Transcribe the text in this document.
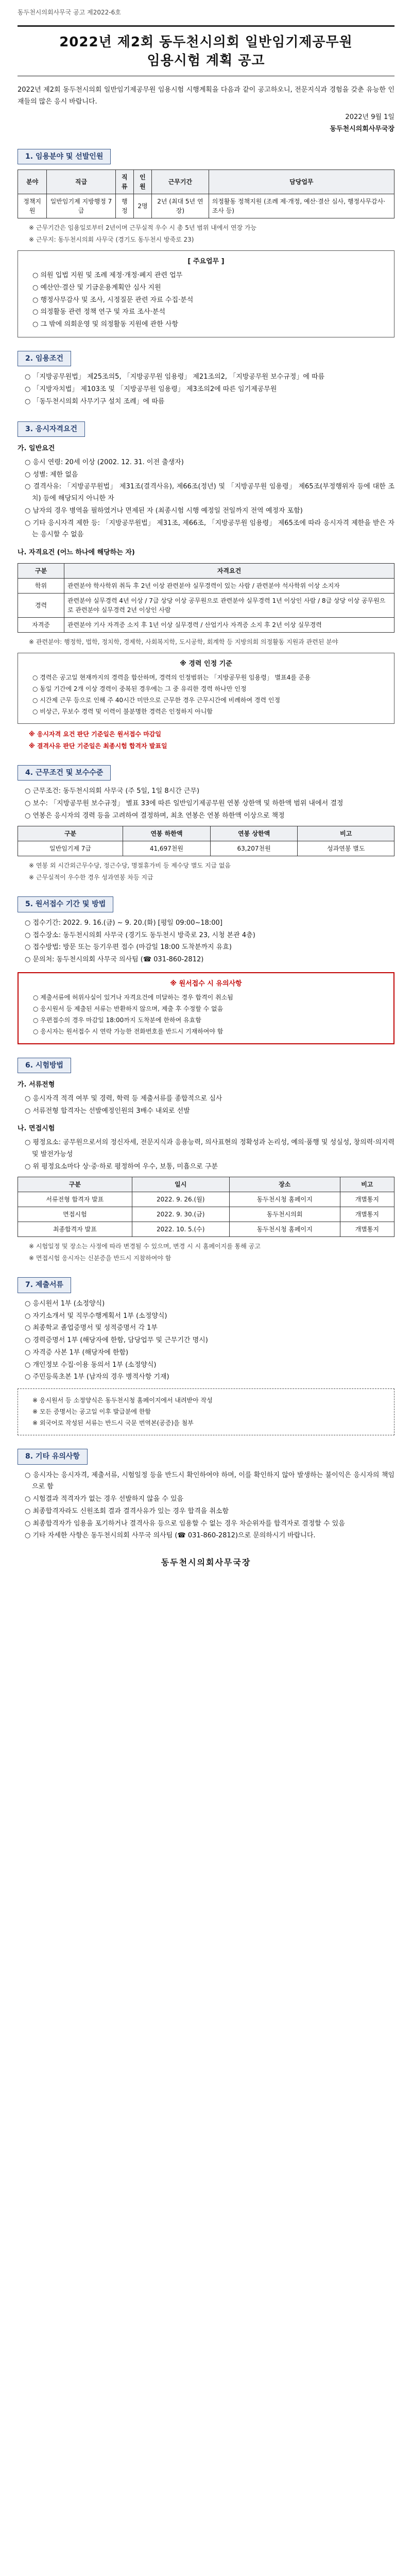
동두천시의회사무국 공고 제2022-6호
2022년 제2회 동두천시의회 일반임기제공무원
임용시험 계획 공고

2022년 제2회 동두천시의회 일반임기제공무원 임용시험 시행계획을 다음과 같이 공고하오니, 전문지식과 경험을 갖춘 유능한 인재들의 많은 응시 바랍니다.

2022년 9월 1일
동두천시의회사무국장
1. 임용분야 및 선발인원
분야	직급	직류	인원	근무기간	담당업무
정책지원	일반임기제 지방행정 7급	행정	2명	2년 (최대 5년 연장)	의정활동 정책지원 (조례 제·개정, 예산·결산 심사, 행정사무감사·조사 등)

※ 근무기간은 임용일로부터 2년이며 근무실적 우수 시 총 5년 범위 내에서 연장 가능

※ 근무지: 동두천시의회 사무국 (경기도 동두천시 방죽로 23)

[ 주요업무 ]
○ 의원 입법 지원 및 조례 제정·개정·폐지 관련 업무
○ 예산안·결산 및 기금운용계획안 심사 지원
○ 행정사무감사 및 조사, 시정질문 관련 자료 수집·분석
○ 의정활동 관련 정책 연구 및 자료 조사·분석
○ 그 밖에 의회운영 및 의정활동 지원에 관한 사항
2. 임용조건
○ 「지방공무원법」 제25조의5, 「지방공무원 임용령」 제21조의2, 「지방공무원 보수규정」에 따름
○ 「지방자치법」 제103조 및 「지방공무원 임용령」 제3조의2에 따른 임기제공무원
○ 「동두천시의회 사무기구 설치 조례」에 따름
3. 응시자격요건
가. 일반요건
○ 응시 연령: 20세 이상 (2002. 12. 31. 이전 출생자)
○ 성별: 제한 없음
○ 결격사유: 「지방공무원법」 제31조(결격사유), 제66조(정년) 및 「지방공무원 임용령」 제65조(부정행위자 등에 대한 조치) 등에 해당되지 아니한 자
○ 남자의 경우 병역을 필하였거나 면제된 자 (최종시험 시행 예정일 전일까지 전역 예정자 포함)
○ 기타 응시자격 제한 등: 「지방공무원법」 제31조, 제66조, 「지방공무원 임용령」 제65조에 따라 응시자격 제한을 받은 자는 응시할 수 없음
나. 자격요건 (어느 하나에 해당하는 자)
구분	자격요건
학위	관련분야 학사학위 취득 후 2년 이상 관련분야 실무경력이 있는 사람 / 관련분야 석사학위 이상 소지자
경력	관련분야 실무경력 4년 이상 / 7급 상당 이상 공무원으로 관련분야 실무경력 1년 이상인 사람 / 8급 상당 이상 공무원으로 관련분야 실무경력 2년 이상인 사람
자격증	관련분야 기사 자격증 소지 후 1년 이상 실무경력 / 산업기사 자격증 소지 후 2년 이상 실무경력

※ 관련분야: 행정학, 법학, 정치학, 경제학, 사회복지학, 도시공학, 회계학 등 지방의회 의정활동 지원과 관련된 분야

※ 경력 인정 기준
○ 경력은 공고일 현재까지의 경력을 합산하며, 경력의 인정범위는 「지방공무원 임용령」 별표4를 준용
○ 동일 기간에 2개 이상 경력이 중복된 경우에는 그 중 유리한 경력 하나만 인정
○ 시간제 근무 등으로 인해 주 40시간 미만으로 근무한 경우 근무시간에 비례하여 경력 인정
○ 비상근, 무보수 경력 및 이력이 불분명한 경력은 인정하지 아니함

※ 응시자격 요건 판단 기준일은 원서접수 마감일

※ 결격사유 판단 기준일은 최종시험 합격자 발표일

4. 근무조건 및 보수수준
○ 근무조건: 동두천시의회 사무국 (주 5일, 1일 8시간 근무)
○ 보수: 「지방공무원 보수규정」 별표 33에 따른 일반임기제공무원 연봉 상한액 및 하한액 범위 내에서 결정
○ 연봉은 응시자의 경력 등을 고려하여 결정하며, 최초 연봉은 연봉 하한액 이상으로 책정
구분	연봉 하한액	연봉 상한액	비고
일반임기제 7급	41,697천원	63,207천원	성과연봉 별도

※ 연봉 외 시간외근무수당, 정근수당, 명절휴가비 등 제수당 별도 지급 없음

※ 근무실적이 우수한 경우 성과연봉 차등 지급

5. 원서접수 기간 및 방법
○ 접수기간: 2022. 9. 16.(금) ~ 9. 20.(화) [평일 09:00~18:00]
○ 접수장소: 동두천시의회 사무국 (경기도 동두천시 방죽로 23, 시청 본관 4층)
○ 접수방법: 방문 또는 등기우편 접수 (마감일 18:00 도착분까지 유효)
○ 문의처: 동두천시의회 사무국 의사팀 (☎ 031-860-2812)
※ 원서접수 시 유의사항
○ 제출서류에 허위사실이 있거나 자격요건에 미달하는 경우 합격이 취소됨
○ 응시원서 등 제출된 서류는 반환하지 않으며, 제출 후 수정할 수 없음
○ 우편접수의 경우 마감일 18:00까지 도착분에 한하여 유효함
○ 응시자는 원서접수 시 연락 가능한 전화번호를 반드시 기재하여야 함
6. 시험방법
가. 서류전형
○ 응시자격 적격 여부 및 경력, 학력 등 제출서류를 종합적으로 심사
○ 서류전형 합격자는 선발예정인원의 3배수 내외로 선발
나. 면접시험
○ 평정요소: 공무원으로서의 정신자세, 전문지식과 응용능력, 의사표현의 정확성과 논리성, 예의·품행 및 성실성, 창의력·의지력 및 발전가능성
○ 위 평정요소마다 상·중·하로 평정하여 우수, 보통, 미흡으로 구분
구분	일시	장소	비고
서류전형 합격자 발표	2022. 9. 26.(월)	동두천시청 홈페이지	개별통지
면접시험	2022. 9. 30.(금)	동두천시의회	개별통지
최종합격자 발표	2022. 10. 5.(수)	동두천시청 홈페이지	개별통지

※ 시험일정 및 장소는 사정에 따라 변경될 수 있으며, 변경 시 시 홈페이지를 통해 공고

※ 면접시험 응시자는 신분증을 반드시 지참하여야 함

7. 제출서류
○ 응시원서 1부 (소정양식)
○ 자기소개서 및 직무수행계획서 1부 (소정양식)
○ 최종학교 졸업증명서 및 성적증명서 각 1부
○ 경력증명서 1부 (해당자에 한함, 담당업무 및 근무기간 명시)
○ 자격증 사본 1부 (해당자에 한함)
○ 개인정보 수집·이용 동의서 1부 (소정양식)
○ 주민등록초본 1부 (남자의 경우 병적사항 기재)
※ 응시원서 등 소정양식은 동두천시청 홈페이지에서 내려받아 작성
※ 모든 증명서는 공고일 이후 발급분에 한함
※ 외국어로 작성된 서류는 반드시 국문 번역본(공증)을 첨부
8. 기타 유의사항
○ 응시자는 응시자격, 제출서류, 시험일정 등을 반드시 확인하여야 하며, 이를 확인하지 않아 발생하는 불이익은 응시자의 책임으로 함
○ 시험결과 적격자가 없는 경우 선발하지 않을 수 있음
○ 최종합격자라도 신원조회 결과 결격사유가 있는 경우 합격을 취소함
○ 최종합격자가 임용을 포기하거나 결격사유 등으로 임용할 수 없는 경우 차순위자를 합격자로 결정할 수 있음
○ 기타 자세한 사항은 동두천시의회 사무국 의사팀 (☎ 031-860-2812)으로 문의하시기 바랍니다.
동두천시의회사무국장
